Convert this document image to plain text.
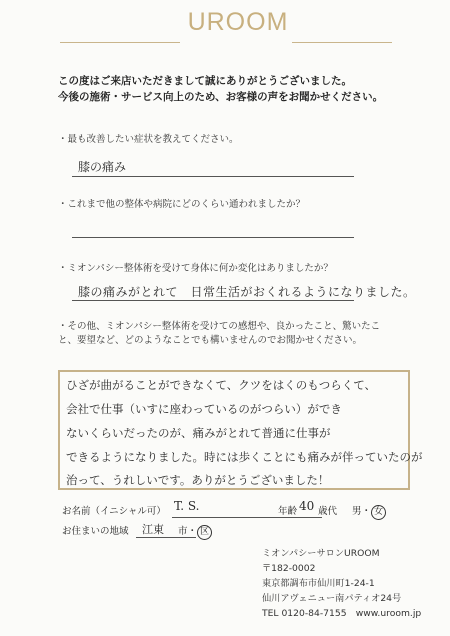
UROOM
この度はご来店いただきまして誠にありがとうございました。
今後の施術・サービス向上のため、お客様の声をお聞かせください。
・最も改善したい症状を教えてください。
膝の痛み
・これまで他の整体や病院にどのくらい通われましたか？
・ミオンパシー整体術を受けて身体に何か変化はありましたか？
膝の痛みがとれて　日常生活がおくれるようになりました。
・その他、ミオンパシー整体術を受けての感想や、良かったこと、驚いたこと、要望など、どのようなことでも構いませんのでお聞かせください。
ひざが曲がることができなくて、クツをはくのもつらくて、
会社で仕事（いすに座わっているのがつらい）ができ
ないくらいだったのが、痛みがとれて普通に仕事が
できるようになりました。時には歩くことにも痛みが伴っていたのが
治って、うれしいです。ありがとうございました！
お名前（イニシャル可） T. S.	年齢 40 歳代 男・ 女
お住まいの地域 江東 市・ 区
ミオンパシーサロンUROOM
〒182-0002
東京都調布市仙川町1-24-1
仙川アヴェニュー南パティオ24号
TEL 0120-84-7155　www.uroom.jp
